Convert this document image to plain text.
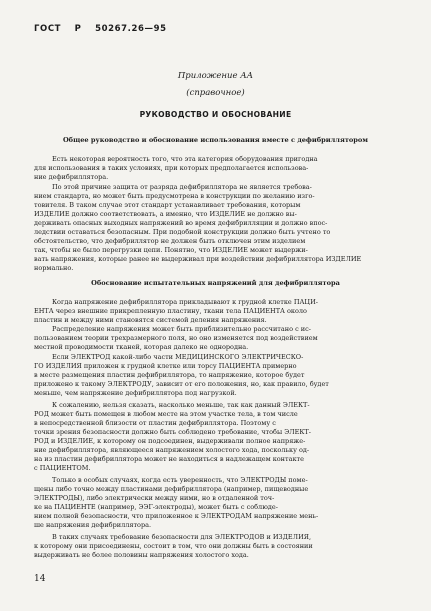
ГОСТ Р 50267.26—95
Приложение АА
(справочное)
РУКОВОДСТВО И ОБОСНОВАНИЕ
Общее руководство и обоснование использования вместе с дефибриллятором
Есть некоторая вероятность того, что эта категория оборудования пригодна
для использования в таких условиях, при которых предполагается использова-
ние дефибриллятора.
По этой причине защита от разряда дефибриллятора не является требова-
нием стандарта, но может быть предусмотрена в конструкции по желанию изго-
товителя. В таком случае этот стандарт устанавливает требования, которым
ИЗДЕЛИЕ должно соответствовать, а именно, что ИЗДЕЛИЕ не должно вы-
держивать опасных выходных напряжений во время дефибрилляции и должно впос-
ледствии оставаться безопасным. При подобной конструкции должно быть учтено то
обстоятельство, что дефибриллятор не должен быть отключен этим изделием
так, чтобы не было перегрузки цепи. Понятно, что ИЗДЕЛИЕ может выдержи-
вать напряжения, которые ранее не выдерживал при воздействии дефибриллятора ИЗДЕЛИЕ
нормально.
Обоснование испытательных напряжений для дефибриллятора
Когда напряжение дефибриллятора прикладывают к грудной клетке ПАЦИ-
ЕНТА через внешние прикрепленную пластину, ткани тела ПАЦИЕНТА около
пластин и между ними становятся системой деления напряжения.
Распределение напряжения может быть приблизительно рассчитано с ис-
пользованием теории трехразмерного поля, но оно изменяется под воздействием
местной проводимости тканей, которая далеко не однородна.
Если ЭЛЕКТРОД какой-либо части МЕДИЦИНСКОГО ЭЛЕКТРИЧЕСКО-
ГО ИЗДЕЛИЯ приложен к грудной клетке или торсу ПАЦИЕНТА примерно
в месте размещения пластин дефибриллятора, то напряжение, которое будет
приложено к такому ЭЛЕКТРОДУ, зависит от его положения, но, как правило, будет
меньше, чем напряжение дефибриллятора под нагрузкой.
К сожалению, нельзя сказать, насколько меньше, так как данный ЭЛЕКТ-
РОД может быть помещен в любом месте на этом участке тела, в том числе
в непосредственной близости от пластин дефибриллятора. Поэтому с
точки зрения безопасности должно быть соблюдено требование, чтобы ЭЛЕКТ-
РОД и ИЗДЕЛИЕ, к которому он подсоединен, выдерживали полное напряже-
ние дефибриллятора, являющееся напряжением холостого хода, поскольку од-
на из пластин дефибриллятора может не находиться в надлежащем контакте
с ПАЦИЕНТОМ.
Только в особых случаях, когда есть уверенность, что ЭЛЕКТРОДЫ поме-
щены либо точно между пластинами дефибриллятора (например, пищеводные
ЭЛЕКТРОДЫ), либо электрически между ними, но в отдаленной точ-
ке на ПАЦИЕНТЕ (например, ЭЭГ-электроды), может быть с соблюде-
нием полной безопасности, что приложенное к ЭЛЕКТРОДАМ напряжение мень-
ше напряжения дефибриллятора.
В таких случаях требование безопасности для ЭЛЕКТРОДОВ и ИЗДЕЛИЯ,
к которому они присоединены, состоит в том, что они должны быть в состоянии
выдерживать не более половины напряжения холостого хода.
14
